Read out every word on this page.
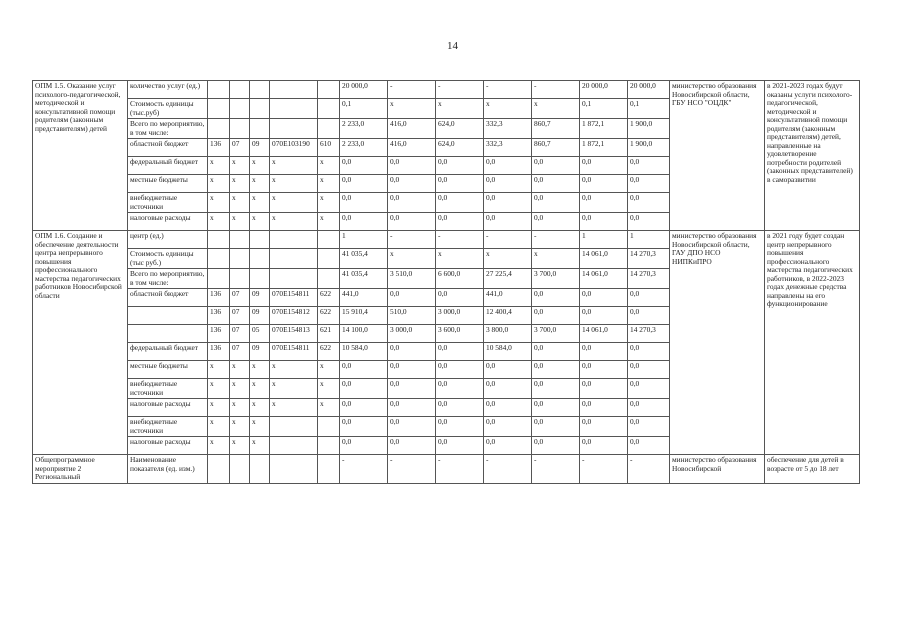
14
ОПМ 1.5. Оказание услуг психолого-педагогической, методической и консультативной помощи родителям (законным представителям) детей	количество услуг (ед.)						20 000,0	-	-	-	-	20 000,0	20 000,0	министерство образования Новосибирской области,
ГБУ НСО "ОЦДК"	в 2021-2023 годах будут оказаны услуги психолого-педагогической, методической и консультативной помощи родителям (законным представителям) детей, направленные на удовлетворение потребности родителей (законных представителей) в саморазвитии
	Стоимость единицы (тыс.руб)						0,1	x	x	x	x	0,1	0,1		
	Всего по мероприятию, в том числе:						2 233,0	416,0	624,0	332,3	860,7	1 872,1	1 900,0		
	областной бюджет	136	07	09	070E103190	610	2 233,0	416,0	624,0	332,3	860,7	1 872,1	1 900,0		
	федеральный бюджет	x	x	x	x	x	0,0	0,0	0,0	0,0	0,0	0,0	0,0		
	местные бюджеты	x	x	x	x	x	0,0	0,0	0,0	0,0	0,0	0,0	0,0		
	внебюджетные источники	x	x	x	x	x	0,0	0,0	0,0	0,0	0,0	0,0	0,0		
	налоговые расходы	x	x	x	x	x	0,0	0,0	0,0	0,0	0,0	0,0	0,0		
ОПМ 1.6. Создание и обеспечение деятельности центра непрерывного повышения профессионального мастерства педагогических работников Новосибирской области	центр (ед.)						1	-	-	-	-	1	1	министерство образования Новосибирской области,
ГАУ ДПО НСО НИПКиПРО	в 2021 году будет создан центр непрерывного повышения профессионального мастерства педагогических работников, в 2022-2023 годах денежные средства направлены на его функционирование
	Стоимость единицы (тыс руб.)						41 035,4	x	x	x	x	14 061,0	14 270,3		
	Всего по мероприятию, в том числе:						41 035,4	3 510,0	6 600,0	27 225,4	3 700,0	14 061,0	14 270,3		
	областной бюджет	136	07	09	070E154811	622	441,0	0,0	0,0	441,0	0,0	0,0	0,0		
		136	07	09	070E154812	622	15 910,4	510,0	3 000,0	12 400,4	0,0	0,0	0,0		
		136	07	05	070E154813	621	14 100,0	3 000,0	3 600,0	3 800,0	3 700,0	14 061,0	14 270,3		
	федеральный бюджет	136	07	09	070E154811	622	10 584,0	0,0	0,0	10 584,0	0,0	0,0	0,0		
	местные бюджеты	x	x	x	x	x	0,0	0,0	0,0	0,0	0,0	0,0	0,0		
	внебюджетные источники	x	x	x	x	x	0,0	0,0	0,0	0,0	0,0	0,0	0,0		
	налоговые расходы	x	x	x	x	x	0,0	0,0	0,0	0,0	0,0	0,0	0,0		
	внебюджетные источники	x	x	x			0,0	0,0	0,0	0,0	0,0	0,0	0,0		
	налоговые расходы	x	x	x			0,0	0,0	0,0	0,0	0,0	0,0	0,0		
Общепрограммное мероприятие 2 Региональный	Наименование показателя (ед. изм.)						-	-	-	-	-	-	-	министерство образования Новосибирской	обеспечение для детей в возрасте от 5 до 18 лет
